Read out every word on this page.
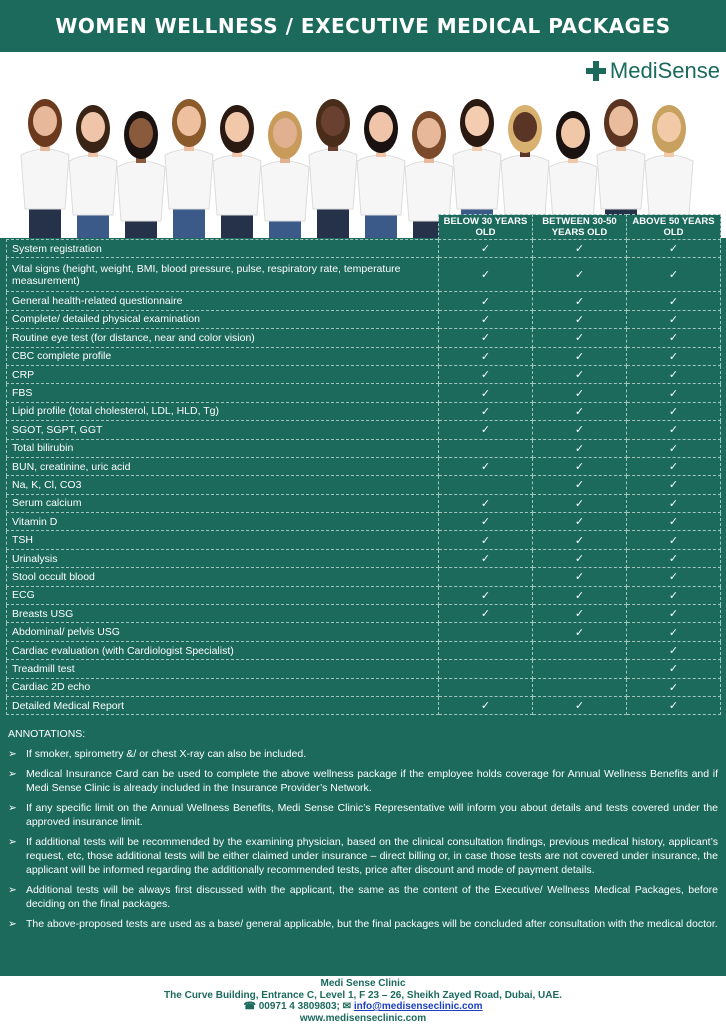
WOMEN WELLNESS / EXECUTIVE MEDICAL PACKAGES
MediSense
	BELOW 30 YEARS OLD	BETWEEN 30-50 YEARS OLD	ABOVE 50 YEARS OLD
System registration	✓	✓	✓
Vital signs (height, weight, BMI, blood pressure, pulse, respiratory rate, temperature measurement)	✓	✓	✓
General health-related questionnaire	✓	✓	✓
Complete/ detailed physical examination	✓	✓	✓
Routine eye test (for distance, near and color vision)	✓	✓	✓
CBC complete profile	✓	✓	✓
CRP	✓	✓	✓
FBS	✓	✓	✓
Lipid profile (total cholesterol, LDL, HLD, Tg)	✓	✓	✓
SGOT, SGPT, GGT	✓	✓	✓
Total bilirubin		✓	✓
BUN, creatinine, uric acid	✓	✓	✓
Na, K, Cl, CO3		✓	✓
Serum calcium	✓	✓	✓
Vitamin D	✓	✓	✓
TSH	✓	✓	✓
Urinalysis	✓	✓	✓
Stool occult blood		✓	✓
ECG	✓	✓	✓
Breasts USG	✓	✓	✓
Abdominal/ pelvis USG		✓	✓
Cardiac evaluation (with Cardiologist Specialist)			✓
Treadmill test			✓
Cardiac 2D echo			✓
Detailed Medical Report	✓	✓	✓
ANNOTATIONS:
➢ If smoker, spirometry &/ or chest X-ray can also be included.
➢ Medical Insurance Card can be used to complete the above wellness package if the employee holds coverage for Annual Wellness Benefits and if Medi Sense Clinic is already included in the Insurance Provider’s Network.
➢ If any specific limit on the Annual Wellness Benefits, Medi Sense Clinic’s Representative will inform you about details and tests covered under the approved insurance limit.
➢ If additional tests will be recommended by the examining physician, based on the clinical consultation findings, previous medical history, applicant’s request, etc, those additional tests will be either claimed under insurance – direct billing or, in case those tests are not covered under insurance, the applicant will be informed regarding the additionally recommended tests, price after discount and mode of payment details.
➢ Additional tests will be always first discussed with the applicant, the same as the content of the Executive/ Wellness Medical Packages, before deciding on the final packages.
➢ The above-proposed tests are used as a base/ general applicable, but the final packages will be concluded after consultation with the medical doctor.
Medi Sense Clinic
The Curve Building, Entrance C, Level 1, F 23 – 26, Sheikh Zayed Road, Dubai, UAE.
☎ 00971 4 3809803; ✉ info@medisenseclinic.com
www.medisenseclinic.com
